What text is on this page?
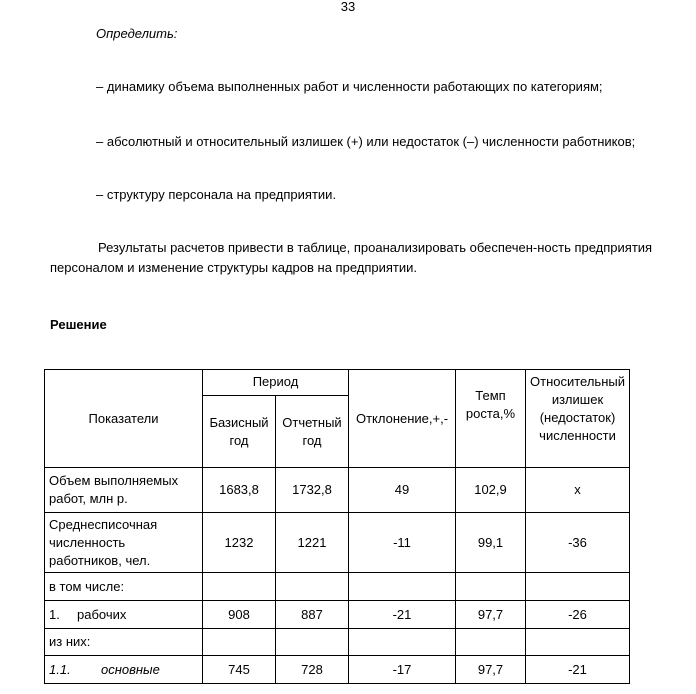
33
Определить:
– динамику объема выполненных работ и численности работающих по категориям;
– абсолютный и относительный излишек (+) или недостаток (–) численности работников;
– структуру персонала на предприятии.
Результаты расчетов привести в таблице, проанализировать обеспечен-ность предприятия
персоналом и изменение структуры кадров на предприятии.
Решение
Показатели	Период		Отклонение,+,-	Темп роста,%	Относительный излишек (недостаток) численности
	Базисный год	Отчетный год			
Объем выполняемых работ, млн р.	1683,8	1732,8	49	102,9	х
Среднесписочная численность работников, чел.	1232	1221	-11	99,1	-36
в том числе:					
1. рабочих	908	887	-21	97,7	-26
из них:					
1.1. основные	745	728	-17	97,7	-21
